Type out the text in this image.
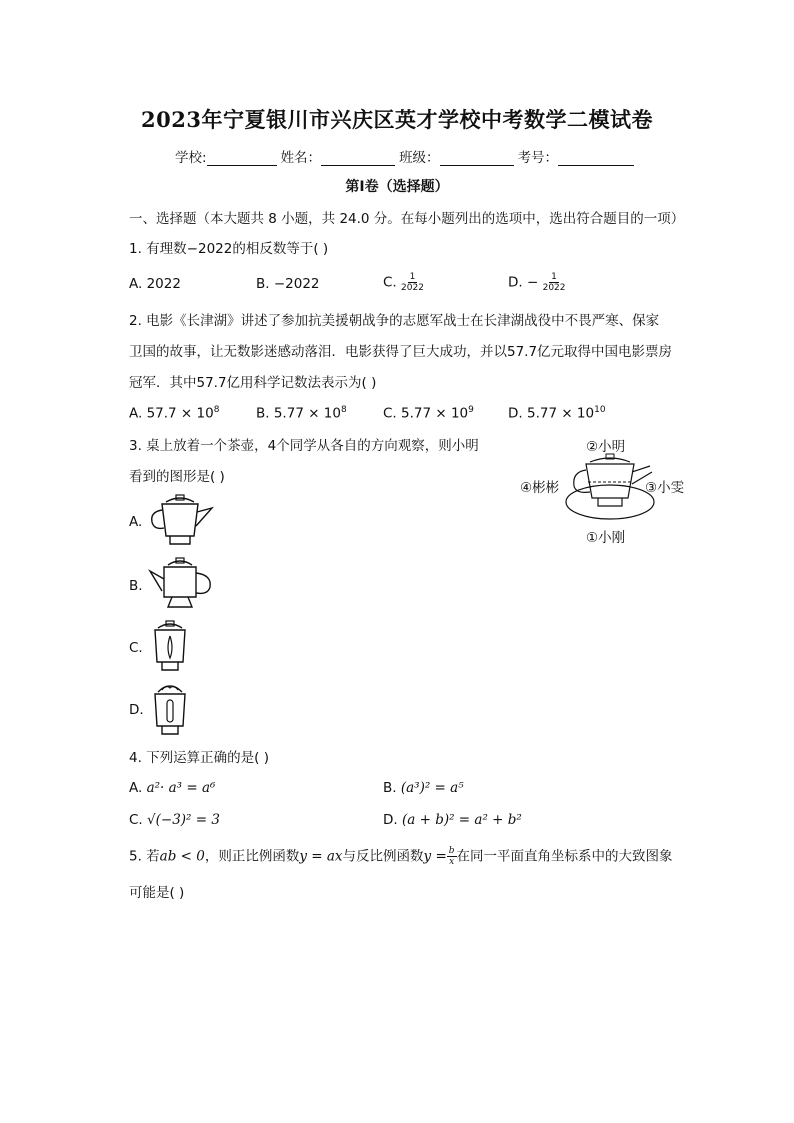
2023年宁夏银川市兴庆区英才学校中考数学二模试卷
学校:	姓名：	班级：	考号：
第Ⅰ卷（选择题）
一、选择题（本大题共 8 小题，共 24.0 分。在每小题列出的选项中，选出符合题目的一项）
1. 有理数−2022的相反数等于( )
A. 2022	B. −2022	C. $\frac{1}{2022}$	D. − $\frac{1}{2022}$
2. 电影《长津湖》讲述了参加抗美援朝战争的志愿军战士在长津湖战役中不畏严寒、保家
卫国的故事，让无数影迷感动落泪．电影获得了巨大成功，并以57.7亿元取得中国电影票房
冠军．其中57.7亿用科学记数法表示为( )
A. $57.7 \times 10^8$	B. $5.77 \times 10^8$	C. $5.77 \times 10^9$	D. $5.77 \times 10^{10}$
3. 桌上放着一个茶壶，4个同学从各自的方向观察，则小明
看到的图形是( )
②小明
④彬彬	③小雯
①小刚
A.
B.
C.
D.
4. 下列运算正确的是( )
A. a²· a³ = a⁶	B. (a³)² = a⁵
C. √(−3)² = 3	D. (a + b)² = a² + b²
5. 若ab < 0，则正比例函数y = ax与反比例函数$y = \frac{b}{x}$ 在同一平面直角坐标系中的大致图象
可能是( )
